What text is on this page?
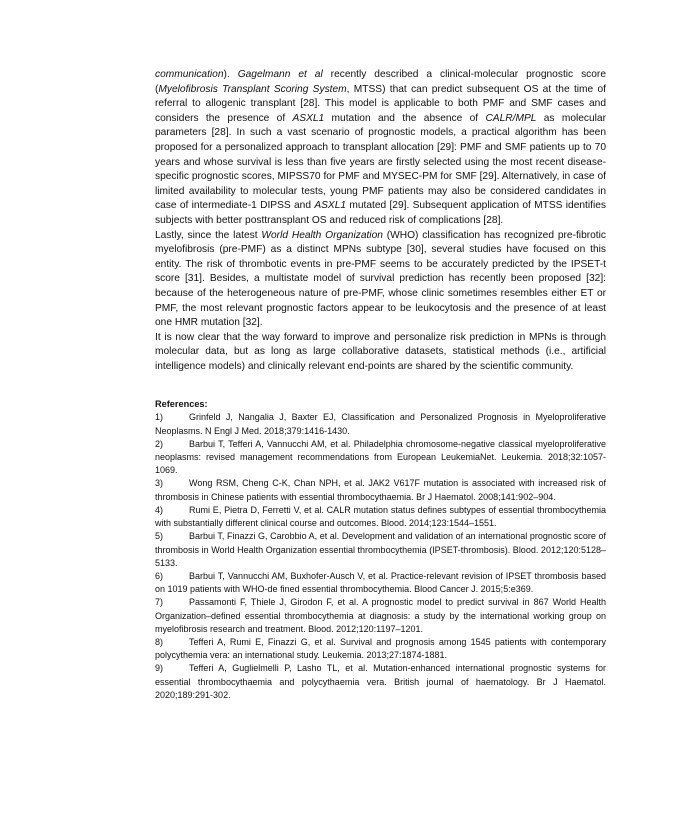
communication). Gagelmann et al recently described a clinical-molecular prognostic score (Myelofibrosis Transplant Scoring System, MTSS) that can predict subsequent OS at the time of referral to allogenic transplant [28]. This model is applicable to both PMF and SMF cases and considers the presence of ASXL1 mutation and the absence of CALR/MPL as molecular parameters [28]. In such a vast scenario of prognostic models, a practical algorithm has been proposed for a personalized approach to transplant allocation [29]: PMF and SMF patients up to 70 years and whose survival is less than five years are firstly selected using the most recent disease-specific prognostic scores, MIPSS70 for PMF and MYSEC-PM for SMF [29]. Alternatively, in case of limited availability to molecular tests, young PMF patients may also be considered candidates in case of intermediate-1 DIPSS and ASXL1 mutated [29]. Subsequent application of MTSS identifies subjects with better posttransplant OS and reduced risk of complications [28].

Lastly, since the latest World Health Organization (WHO) classification has recognized pre-fibrotic myelofibrosis (pre-PMF) as a distinct MPNs subtype [30], several studies have focused on this entity. The risk of thrombotic events in pre-PMF seems to be accurately predicted by the IPSET-t score [31]. Besides, a multistate model of survival prediction has recently been proposed [32]: because of the heterogeneous nature of pre-PMF, whose clinic sometimes resembles either ET or PMF, the most relevant prognostic factors appear to be leukocytosis and the presence of at least one HMR mutation [32].

It is now clear that the way forward to improve and personalize risk prediction in MPNs is through molecular data, but as long as large collaborative datasets, statistical methods (i.e., artificial intelligence models) and clinically relevant end-points are shared by the scientific community.

References:

1)	Grinfeld J, Nangalia J, Baxter EJ, Classification and Personalized Prognosis in Myeloproliferative Neoplasms. N Engl J Med. 2018;379:1416-1430.

2)	Barbui T, Tefferi A, Vannucchi AM, et al. Philadelphia chromosome-negative classical myeloproliferative neoplasms: revised management recommendations from European LeukemiaNet. Leukemia. 2018;32:1057-1069.

3)	Wong RSM, Cheng C-K, Chan NPH, et al. JAK2 V617F mutation is associated with increased risk of thrombosis in Chinese patients with essential thrombocythaemia. Br J Haematol. 2008;141:902–904.

4)	Rumi E, Pietra D, Ferretti V, et al. CALR mutation status defines subtypes of essential thrombocythemia with substantially different clinical course and outcomes. Blood. 2014;123:1544–1551.

5)	Barbui T, Finazzi G, Carobbio A, et al. Development and validation of an international prognostic score of thrombosis in World Health Organization essential thrombocythemia (IPSET-thrombosis). Blood. 2012;120:5128–5133.

6)	Barbui T, Vannucchi AM, Buxhofer-Ausch V, et al. Practice-relevant revision of IPSET thrombosis based on 1019 patients with WHO-de fined essential thrombocythemia. Blood Cancer J. 2015;5:e369.

7)	Passamonti F, Thiele J, Girodon F, et al. A prognostic model to predict survival in 867 World Health Organization–defined essential thrombocythemia at diagnosis: a study by the international working group on myelofibrosis research and treatment. Blood. 2012;120:1197–1201.

8)	Tefferi A, Rumi E, Finazzi G, et al. Survival and prognosis among 1545 patients with contemporary polycythemia vera: an international study. Leukemia. 2013;27:1874-1881.

9)	Tefferi A, Guglielmelli P, Lasho TL, et al. Mutation-enhanced international prognostic systems for essential thrombocythaemia and polycythaemia vera. British journal of haematology. Br J Haematol. 2020;189:291-302.
